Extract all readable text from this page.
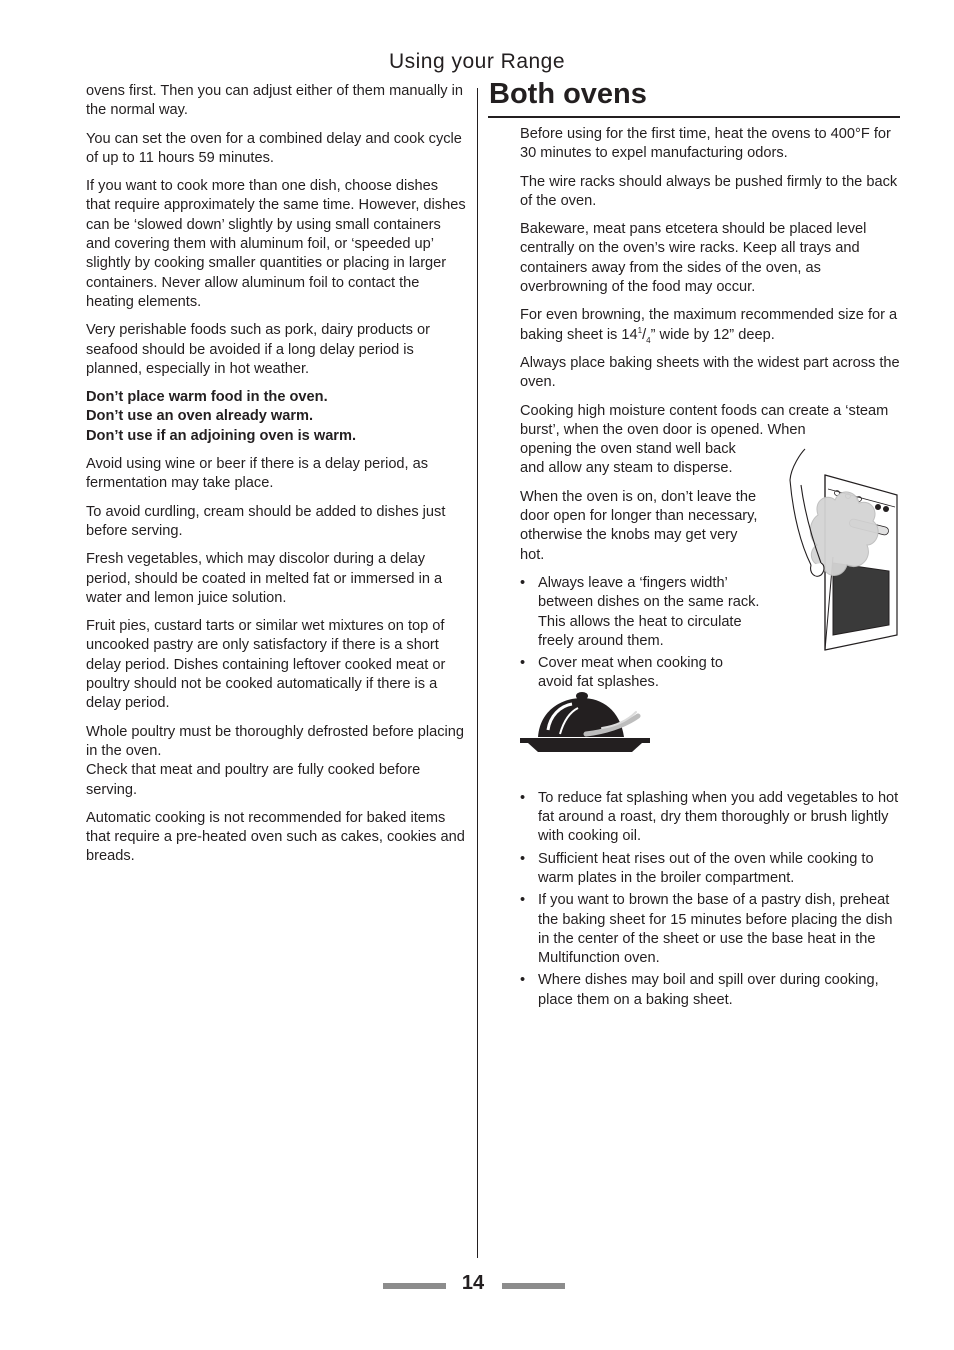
Using your Range

ovens first. Then you can adjust either of them manually in the normal way.

You can set the oven for a combined delay and cook cycle of up to 11 hours 59 minutes.

If you want to cook more than one dish, choose dishes that require approximately the same time. However, dishes can be ‘slowed down’ slightly by using small containers and covering them with aluminum foil, or ‘speeded up’ slightly by cooking smaller quantities or placing in larger containers. Never allow aluminum foil to contact the heating elements.

Very perishable foods such as pork, dairy products or seafood should be avoided if a long delay period is planned, especially in hot weather.

Don’t place warm food in the oven.
Don’t use an oven already warm.
Don’t use if an adjoining oven is warm.

Avoid using wine or beer if there is a delay period, as fermentation may take place.

To avoid curdling, cream should be added to dishes just before serving.

Fresh vegetables, which may discolor during a delay period, should be coated in melted fat or immersed in a water and lemon juice solution.

Fruit pies, custard tarts or similar wet mixtures on top of uncooked pastry are only satisfactory if there is a short delay period. Dishes containing leftover cooked meat or poultry should not be cooked automatically if there is a delay period.

Whole poultry must be thoroughly defrosted before placing in the oven.
Check that meat and poultry are fully cooked before serving.

Automatic cooking is not recommended for baked items that require a pre-heated oven such as cakes, cookies and breads.

Both ovens

Before using for the first time, heat the ovens to 400°F for 30 minutes to expel manufacturing odors.

The wire racks should always be pushed firmly to the back of the oven.

Bakeware, meat pans etcetera should be placed level centrally on the oven’s wire racks. Keep all trays and containers away from the sides of the oven, as overbrowning of the food may occur.

For even browning, the maximum recommended size for a baking sheet is $14^1/_4$” wide by 12” deep.

Always place baking sheets with the widest part across the oven.

Cooking high moisture content foods can create a ‘steam burst’, when the oven door is opened. When
opening the oven stand well back and allow any steam to disperse.

When the oven is on, don’t leave the door open for longer than necessary, otherwise the knobs may get very hot.

• Always leave a ‘fingers width’ between dishes on the same rack. This allows the heat to circulate freely around them.
• Cover meat when cooking to avoid fat splashes.
• To reduce fat splashing when you add vegetables to hot fat around a roast, dry them thoroughly or brush lightly with cooking oil.
• Sufficient heat rises out of the oven while cooking to warm plates in the broiler compartment.
• If you want to brown the base of a pastry dish, preheat the baking sheet for 15 minutes before placing the dish in the center of the sheet or use the base heat in the Multifunction oven.
• Where dishes may boil and spill over during cooking, place them on a baking sheet.
14
